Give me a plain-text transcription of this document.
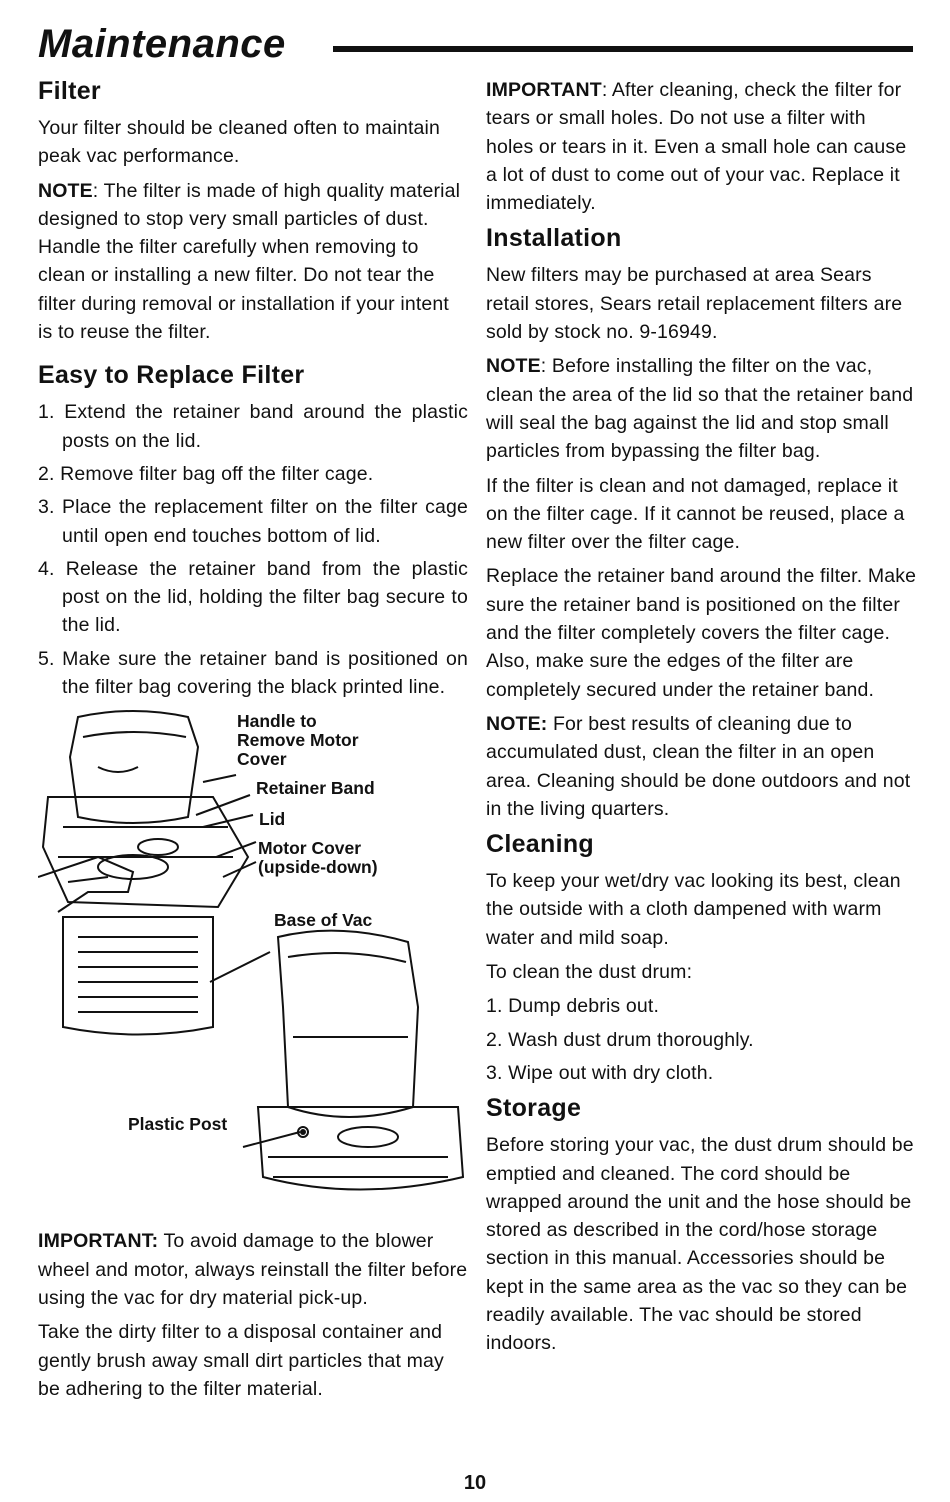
Maintenance
Filter

Your filter should be cleaned often to maintain peak vac performance.

NOTE: The filter is made of high quality material designed to stop very small particles of dust. Handle the filter carefully when removing to clean or installing a new filter. Do not tear the filter during removal or installation if your intent is to reuse the filter.

Easy to Replace Filter
1. Extend the retainer band around the plastic posts on the lid.
2. Remove filter bag off the filter cage.
3. Place the replacement filter on the filter cage until open end touches bottom of lid.
4. Release the retainer band from the plastic post on the lid, holding the filter bag secure to the lid.
5. Make sure the retainer band is positioned on the filter bag covering the black printed line.
Handle to Remove Motor Cover
Retainer Band
Lid
Motor Cover (upside-down)
Base of Vac
Plastic Post

IMPORTANT: To avoid damage to the blower wheel and motor, always reinstall the filter before using the vac for dry material pick-up.

Take the dirty filter to a disposal container and gently brush away small dirt particles that may be adhering to the filter material.

IMPORTANT: After cleaning, check the filter for tears or small holes. Do not use a filter with holes or tears in it. Even a small hole can cause a lot of dust to come out of your vac. Replace it immediately.

Installation

New filters may be purchased at area Sears retail stores, Sears retail replacement filters are sold by stock no. 9-16949.

NOTE: Before installing the filter on the vac, clean the area of the lid so that the retainer band will seal the bag against the lid and stop small particles from bypassing the filter bag.

If the filter is clean and not damaged, replace it on the filter cage. If it cannot be reused, place a new filter over the filter cage.

Replace the retainer band around the filter. Make sure the retainer band is positioned on the filter and the filter completely covers the filter cage. Also, make sure the edges of the filter are completely secured under the retainer band.

NOTE: For best results of cleaning due to accumulated dust, clean the filter in an open area. Cleaning should be done outdoors and not in the living quarters.

Cleaning

To keep your wet/dry vac looking its best, clean the outside with a cloth dampened with warm water and mild soap.

To clean the dust drum:

1. Dump debris out.
2. Wash dust drum thoroughly.
3. Wipe out with dry cloth.
Storage

Before storing your vac, the dust drum should be emptied and cleaned. The cord should be wrapped around the unit and the hose should be stored as described in the cord/hose storage section in this manual. Accessories should be kept in the same area as the vac so they can be readily available. The vac should be stored indoors.

10
